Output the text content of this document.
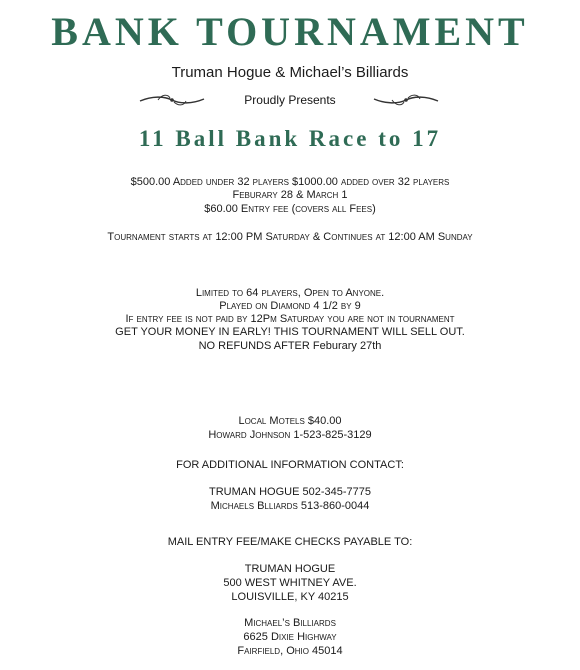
BANK TOURNAMENT
Truman Hogue & Michael’s Billiards
Proudly Presents
11 Ball Bank Race to 17
$500.00 Added under 32 players $1000.00 added over 32 players
Feburary 28 & March 1
$60.00 Entry fee (covers all Fees)
Tournament starts at 12:00 PM Saturday & Continues at 12:00 AM Sunday
Limited to 64 players, Open to Anyone.
Played on Diamond 4 1/2 by 9
If entry fee is not paid by 12Pm Saturday you are not in tournament
GET YOUR MONEY IN EARLY! THIS TOURNAMENT WILL SELL OUT.
NO REFUNDS AFTER Feburary 27th
Local Motels $40.00
Howard Johnson 1-523-825-3129
FOR ADDITIONAL INFORMATION CONTACT:
TRUMAN HOGUE 502-345-7775
Michaels Blliards 513-860-0044
MAIL ENTRY FEE/MAKE CHECKS PAYABLE TO:
TRUMAN HOGUE
500 WEST WHITNEY AVE.
LOUISVILLE, KY 40215
Michael’s Billiards
6625 Dixie Highway
Fairfield, Ohio 45014
